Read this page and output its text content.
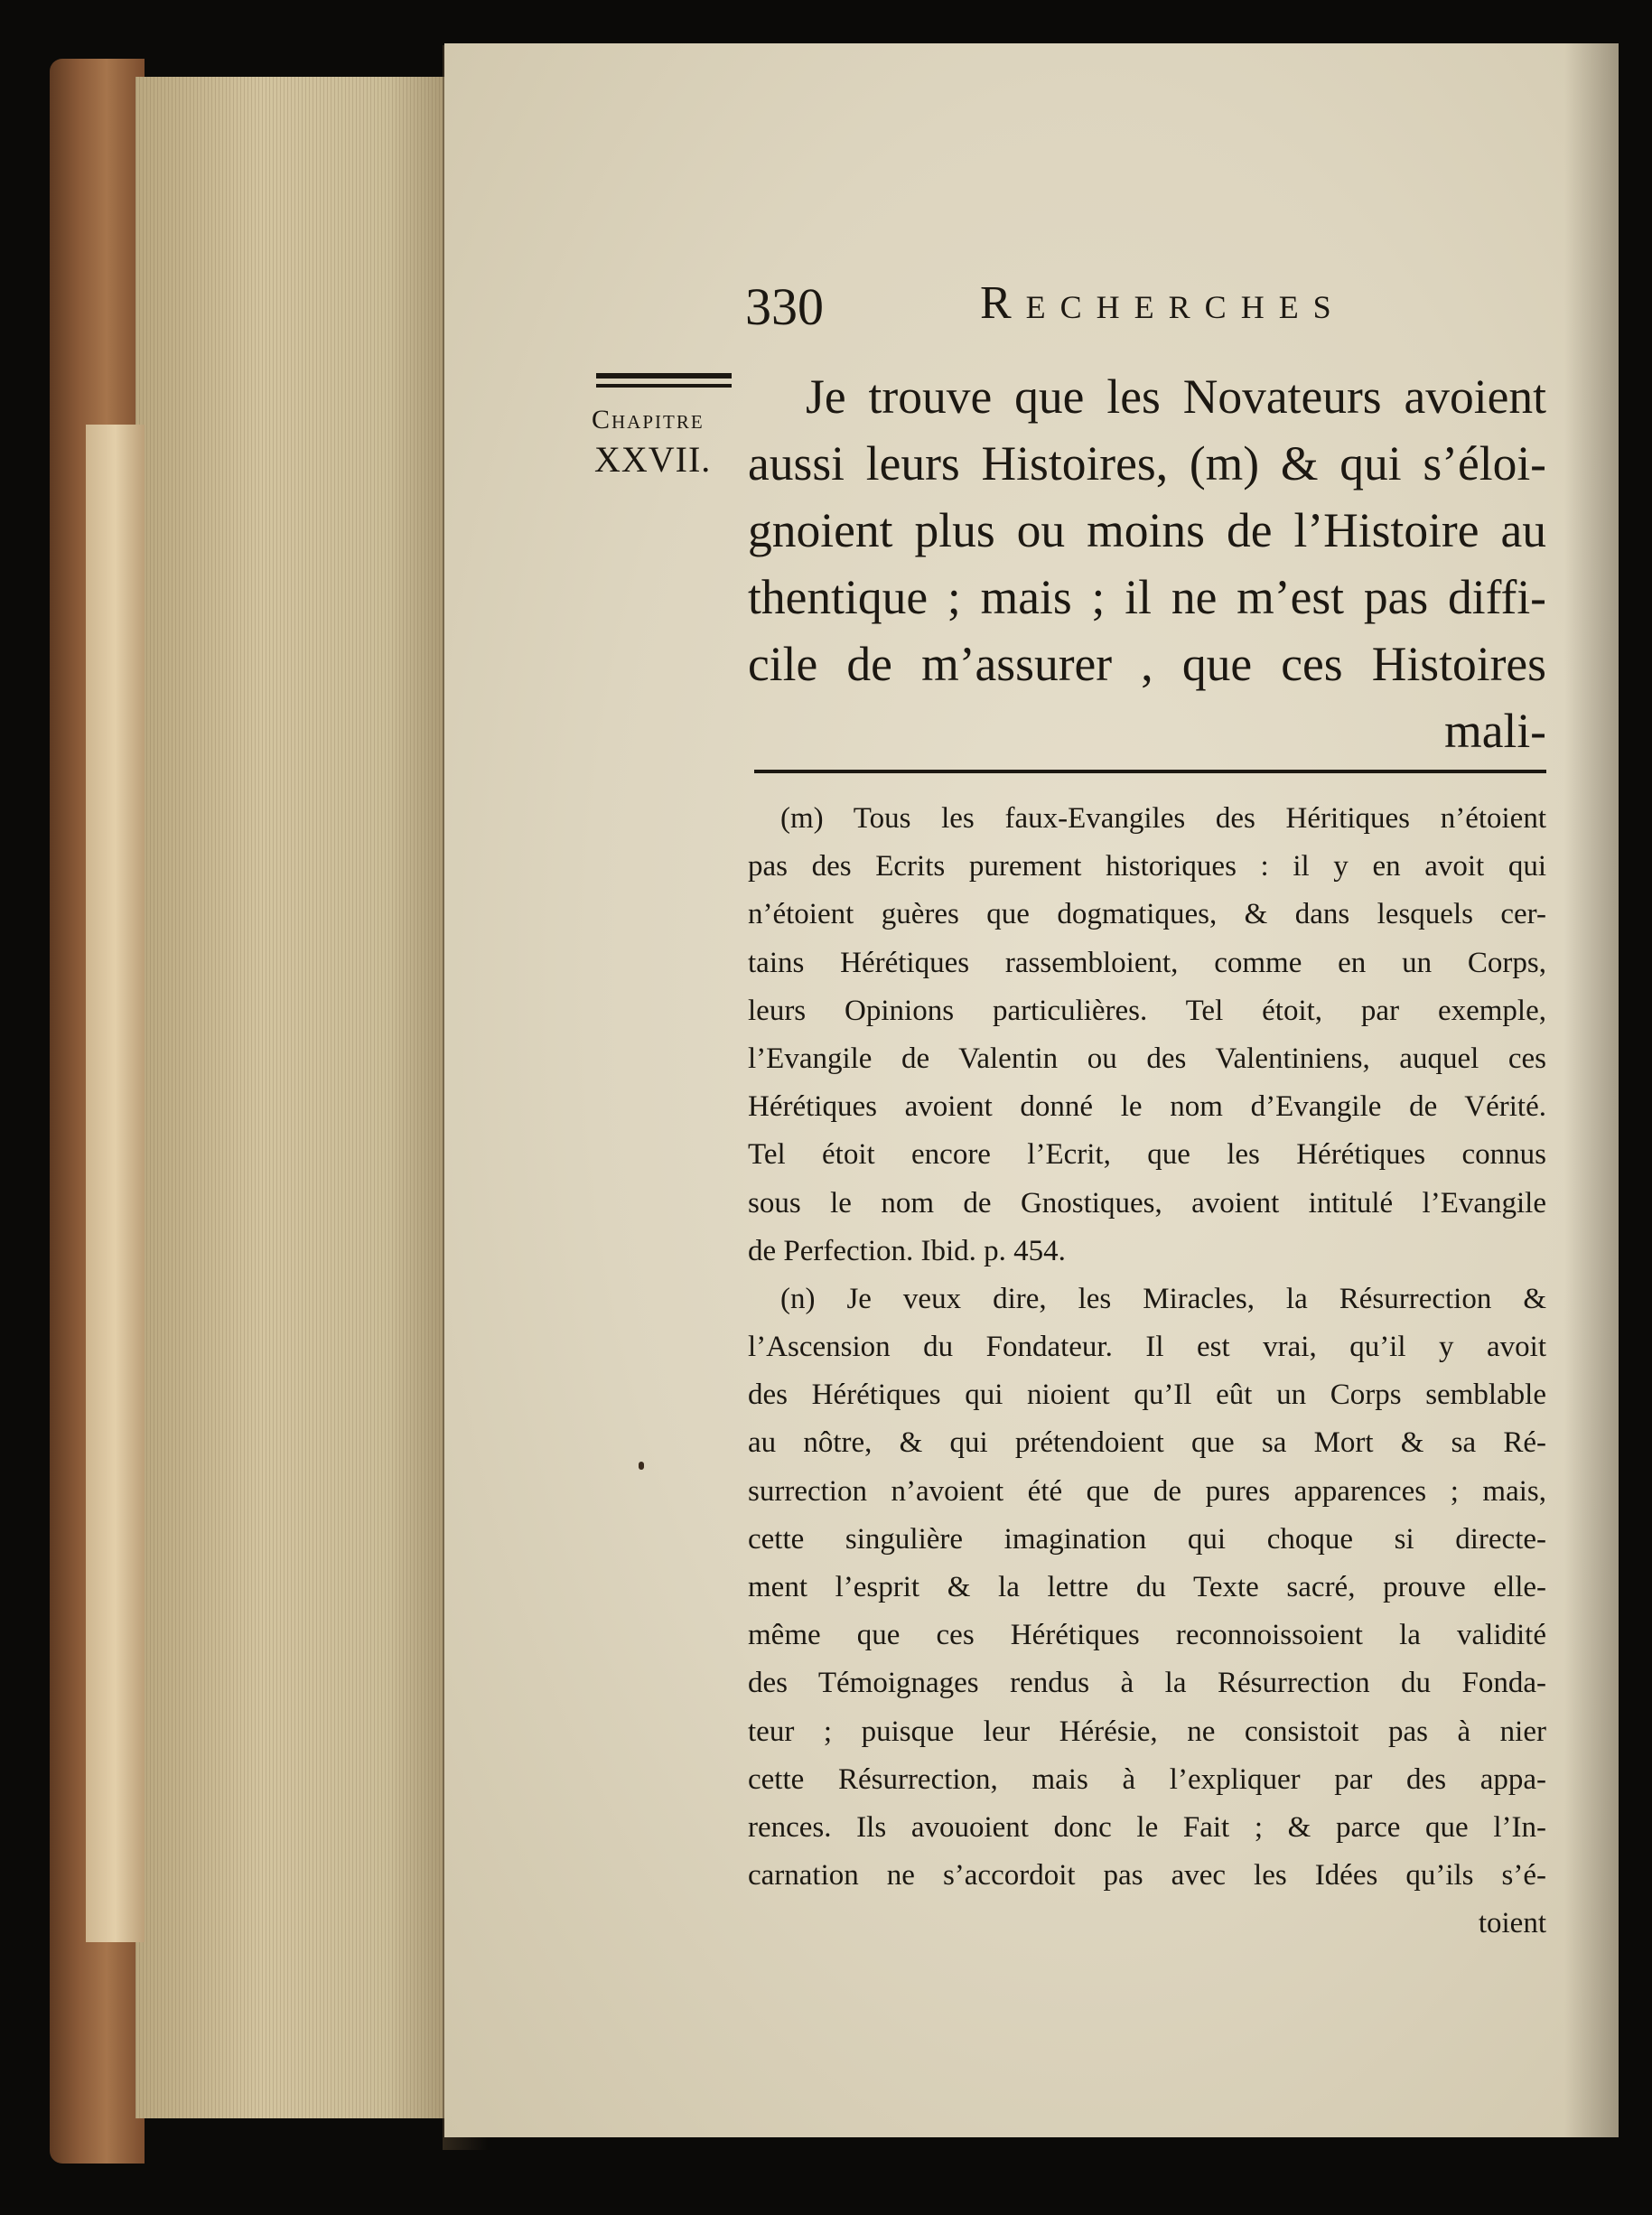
330	Recherches
Chapitre
XXVII.
Je trouve que les Novateurs avoient
aussi leurs Histoires, (m) & qui s’éloi-
gnoient plus ou moins de l’Histoire au
thentique ; mais ; il ne m’est pas diffi-
cile de m’assurer , que ces Histoires
mali-
(m) Tous les faux-Evangiles des Héritiques n’étoient
pas des Ecrits purement historiques : il y en avoit qui
n’étoient guères que dogmatiques, & dans lesquels cer-
tains Hérétiques rassembloient, comme en un Corps,
leurs Opinions particulières. Tel étoit, par exemple,
l’Evangile de Valentin ou des Valentiniens, auquel ces
Hérétiques avoient donné le nom d’Evangile de Vérité.
Tel étoit encore l’Ecrit, que les Hérétiques connus
sous le nom de Gnostiques, avoient intitulé l’Evangile
de Perfection. Ibid. p. 454.
(n) Je veux dire, les Miracles, la Résurrection &
l’Ascension du Fondateur. Il est vrai, qu’il y avoit
des Hérétiques qui nioient qu’Il eût un Corps semblable
au nôtre, & qui prétendoient que sa Mort & sa Ré-
surrection n’avoient été que de pures apparences ; mais,
cette singulière imagination qui choque si directe-
ment l’esprit & la lettre du Texte sacré, prouve elle-
même que ces Hérétiques reconnoissoient la validité
des Témoignages rendus à la Résurrection du Fonda-
teur ; puisque leur Hérésie, ne consistoit pas à nier
cette Résurrection, mais à l’expliquer par des appa-
rences. Ils avouoient donc le Fait ; & parce que l’In-
carnation ne s’accordoit pas avec les Idées qu’ils s’é-
toient
